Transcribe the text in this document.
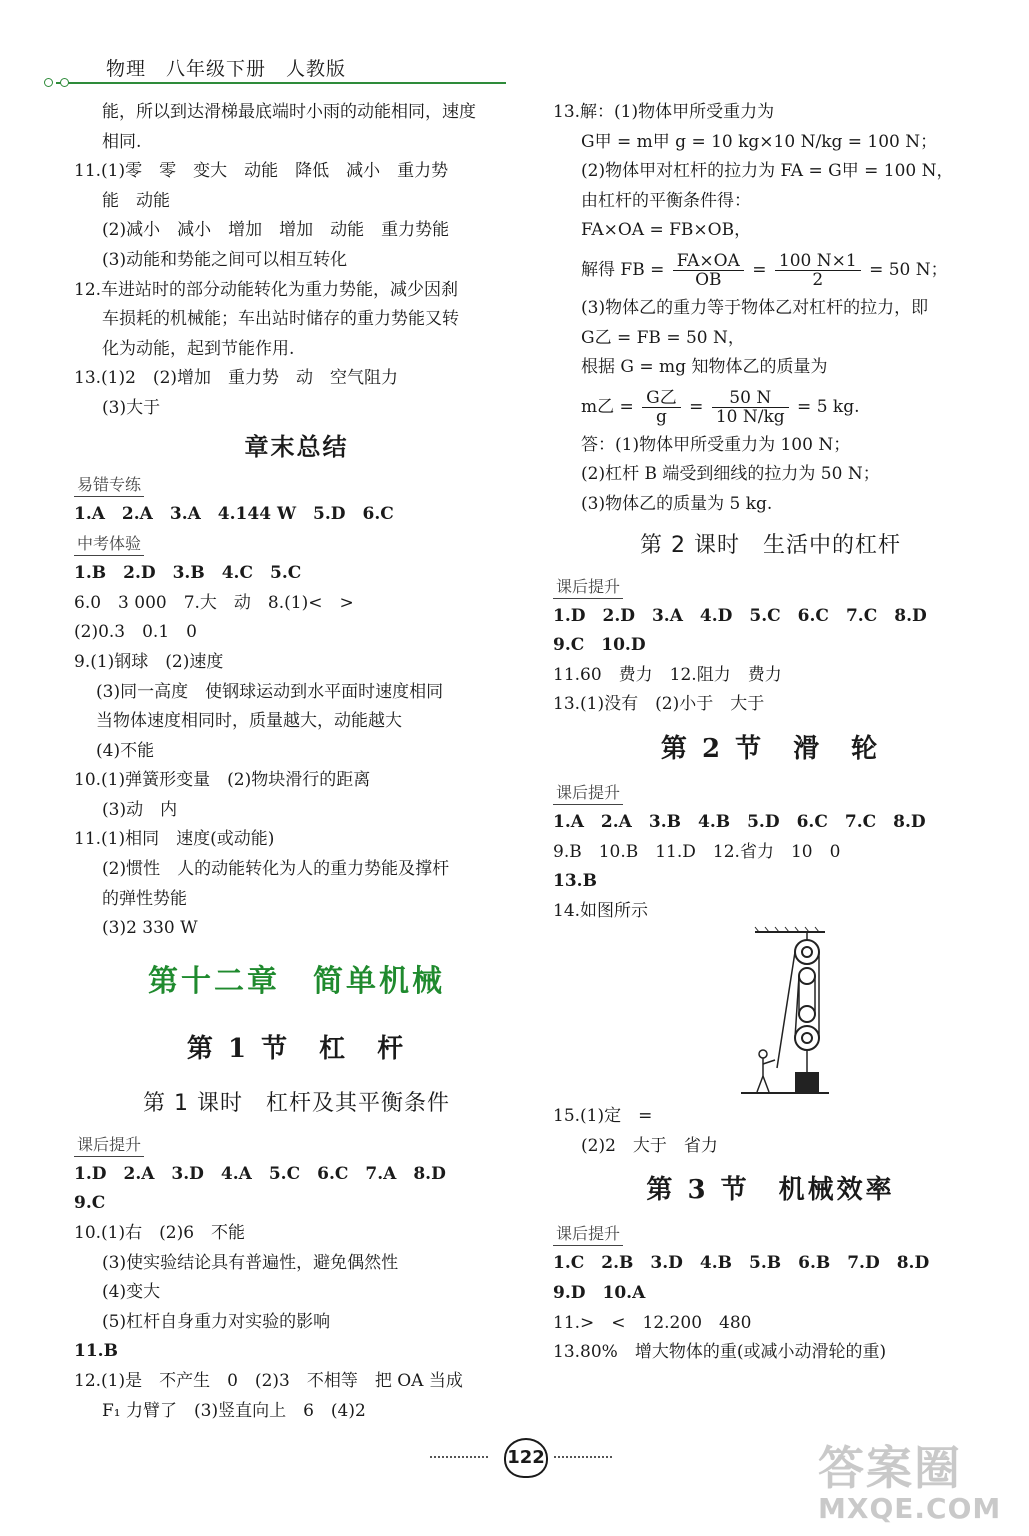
物理　八年级下册　人教版
能，所以到达滑梯最底端时小雨的动能相同，速度
相同.
11.(1)零　零　变大　动能　降低　减小　重力势
能　动能
(2)减小　减小　增加　增加　动能　重力势能
(3)动能和势能之间可以相互转化
12.车进站时的部分动能转化为重力势能，减少因刹
车损耗的机械能；车出站时储存的重力势能又转
化为动能，起到节能作用.
13.(1)2　(2)增加　重力势　动　空气阻力
(3)大于
章末总结
易错专练
1.A　2.A　3.A　4.144 W　5.D　6.C
中考体验
1.B　2.D　3.B　4.C　5.C
6.0　3 000　7.大　动　8.(1)<　>
(2)0.3　0.1　0
9.(1)钢球　(2)速度
(3)同一高度　使钢球运动到水平面时速度相同
当物体速度相同时，质量越大，动能越大
(4)不能
10.(1)弹簧形变量　(2)物块滑行的距离
(3)动　内
11.(1)相同　速度(或动能)
(2)惯性　人的动能转化为人的重力势能及撑杆
的弹性势能
(3)2 330 W
第十二章　简单机械
第 1 节　杠　杆
第 1 课时　杠杆及其平衡条件
课后提升
1.D　2.A　3.D　4.A　5.C　6.C　7.A　8.D
9.C
10.(1)右　(2)6　不能
(3)使实验结论具有普遍性，避免偶然性
(4)变大
(5)杠杆自身重力对实验的影响
11.B
12.(1)是　不产生　0　(2)3　不相等　把 OA 当成
F₁ 力臂了　(3)竖直向上　6　(4)2
13.解：(1)物体甲所受重力为
G甲 = m甲 g = 10 kg×10 N/kg = 100 N；
(2)物体甲对杠杆的拉力为 FA = G甲 = 100 N，
由杠杆的平衡条件得：
FA×OA = FB×OB，
解得 FB = $\frac{FA\times OA}{OB} = \frac{100 N\times 1}{2} = 50$ N；
(3)物体乙的重力等于物体乙对杠杆的拉力，即
G乙 = FB = 50 N，
根据 G = mg 知物体乙的质量为
m乙 = $\frac{\text{G乙}}{g} = \frac{50 N}{10 N/kg} = 5$ kg.
答：(1)物体甲所受重力为 100 N；
(2)杠杆 B 端受到细线的拉力为 50 N；
(3)物体乙的质量为 5 kg.
第 2 课时　生活中的杠杆
课后提升
1.D　2.D　3.A　4.D　5.C　6.C　7.C　8.D
9.C　10.D
11.60　费力　12.阻力　费力
13.(1)没有　(2)小于　大于
第 2 节　滑　轮
课后提升
1.A　2.A　3.B　4.B　5.D　6.C　7.C　8.D
9.B　10.B　11.D　12.省力　10　0
13.B
14.如图所示
15.(1)定　=
(2)2　大于　省力
第 3 节　机械效率
课后提升
1.C　2.B　3.D　4.B　5.B　6.B　7.D　8.D
9.D　10.A
11.>　<　12.200　480
13.80%　增大物体的重(或减小动滑轮的重)
122	答案圈
MXQE.COM
